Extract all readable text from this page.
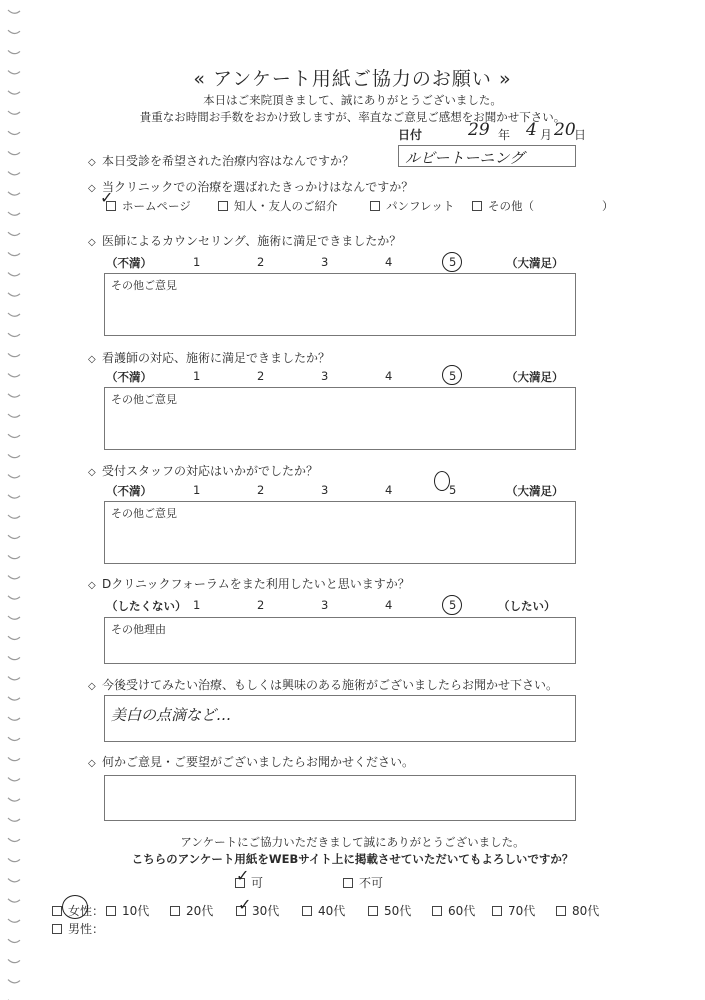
« アンケート用紙ご協力のお願い »
本日はご来院頂きまして、誠にありがとうございました。
貴重なお時間お手数をおかけ致しますが、率直なご意見ご感想をお聞かせ下さい。
日付	29 年 4 月 20
日
◇ 本日受診を希望された治療内容はなんですか？	ルビートーニング
◇ 当クリニックでの治療を選ばれたきっかけはなんですか？
ホームページ	知人・友人のご紹介	パンフレット	その他（	）
✓
◇ 医師によるカウンセリング、施術に満足できましたか？
（不満）	1	2	3	4	5	（大満足）
その他ご意見
◇ 看護師の対応、施術に満足できましたか？
（不満）	1	2	3	4	5	（大満足）
その他ご意見
◇ 受付スタッフの対応はいかがでしたか？
（不満）	1	2	3	4	5	（大満足）
その他ご意見
◇ Dクリニックフォーラムをまた利用したいと思いますか？
（したくない） 1	2	3	4	5	（したい）
その他理由
◇ 今後受けてみたい治療、もしくは興味のある施術がございましたらお聞かせ下さい。
美白の点滴など…
◇ 何かご意見・ご要望がございましたらお聞かせください。
アンケートにご協力いただきまして誠にありがとうございました。
こちらのアンケート用紙をWEBサイト上に掲載させていただいてもよろしいですか？
可
✓	不可
女性：
男性：
10代	20代	30代
✓	40代	50代	60代	70代	80代
